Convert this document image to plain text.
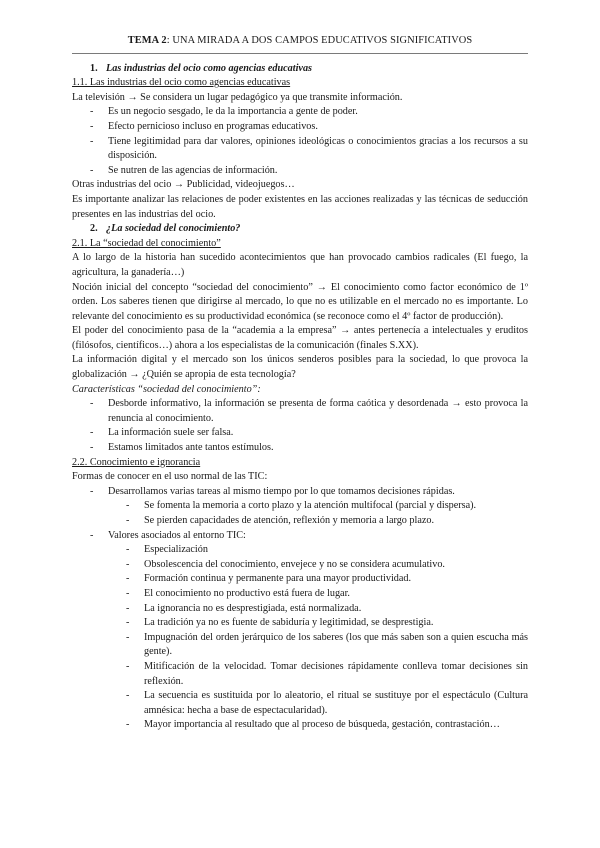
TEMA 2: UNA MIRADA A DOS CAMPOS EDUCATIVOS SIGNIFICATIVOS
1. Las industrias del ocio como agencias educativas
1.1. Las industrias del ocio como agencias educativas
La televisión → Se considera un lugar pedagógico ya que transmite información.
- Es un negocio sesgado, le da la importancia a gente de poder.
- Efecto pernicioso incluso en programas educativos.
- Tiene legitimidad para dar valores, opiniones ideológicas o conocimientos gracias a los recursos a su disposición.
- Se nutren de las agencias de información.
Otras industrias del ocio → Publicidad, videojuegos…
Es importante analizar las relaciones de poder existentes en las acciones realizadas y las técnicas de seducción presentes en las industrias del ocio.
2. ¿La sociedad del conocimiento?
2.1. La “sociedad del conocimiento”
A lo largo de la historia han sucedido acontecimientos que han provocado cambios radicales (El fuego, la agricultura, la ganadería…)
Noción inicial del concepto “sociedad del conocimiento” → El conocimiento como factor económico de 1º orden. Los saberes tienen que dirigirse al mercado, lo que no es utilizable en el mercado no es importante. Lo relevante del conocimiento es su productividad económica (se reconoce como el 4º factor de producción).
El poder del conocimiento pasa de la “academia a la empresa” → antes pertenecía a intelectuales y eruditos (filósofos, científicos…) ahora a los especialistas de la comunicación (finales S.XX).
La información digital y el mercado son los únicos senderos posibles para la sociedad, lo que provoca la globalización → ¿Quién se apropia de esta tecnología?
Características “sociedad del conocimiento”:
- Desborde informativo, la información se presenta de forma caótica y desordenada → esto provoca la renuncia al conocimiento.
- La información suele ser falsa.
- Estamos limitados ante tantos estímulos.
2.2. Conocimiento e ignorancia
Formas de conocer en el uso normal de las TIC:
- Desarrollamos varias tareas al mismo tiempo por lo que tomamos decisiones rápidas.
- Se fomenta la memoria a corto plazo y la atención multifocal (parcial y dispersa).
- Se pierden capacidades de atención, reflexión y memoria a largo plazo.
- Valores asociados al entorno TIC:
- Especialización
- Obsolescencia del conocimiento, envejece y no se considera acumulativo.
- Formación continua y permanente para una mayor productividad.
- El conocimiento no productivo está fuera de lugar.
- La ignorancia no es desprestigiada, está normalizada.
- La tradición ya no es fuente de sabiduría y legitimidad, se desprestigia.
- Impugnación del orden jerárquico de los saberes (los que más saben son a quien escucha más gente).
- Mitificación de la velocidad. Tomar decisiones rápidamente conlleva tomar decisiones sin reflexión.
- La secuencia es sustituida por lo aleatorio, el ritual se sustituye por el espectáculo (Cultura amnésica: hecha a base de espectacularidad).
- Mayor importancia al resultado que al proceso de búsqueda, gestación, contrastación…
